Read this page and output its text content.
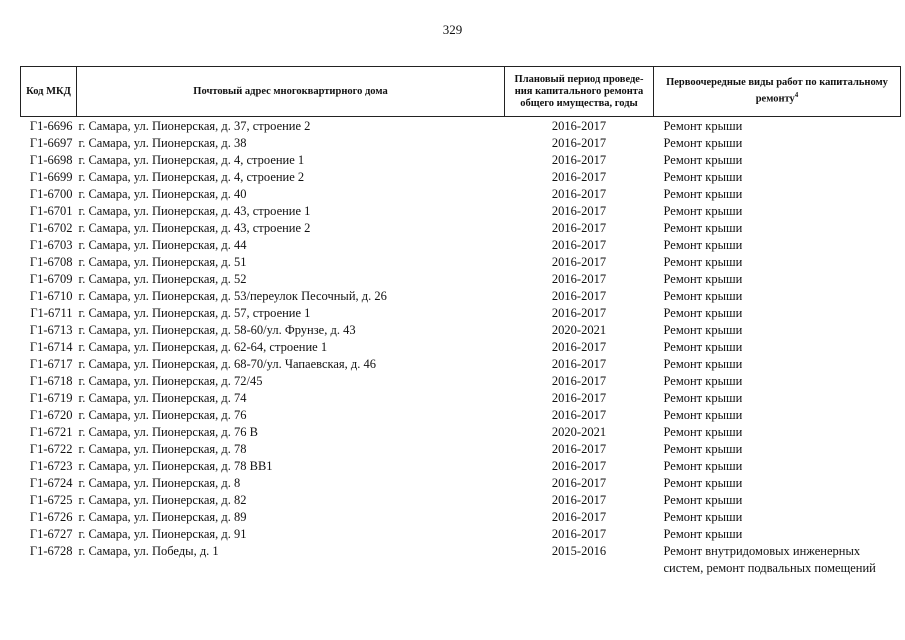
329
Код МКД	Почтовый адрес многоквартирного дома	Плановый период проведе-ния капитального ремонта общего имущества, годы	Первоочередные виды работ по капитальному ремонту$^4$
Г1-6696	г. Самара, ул. Пионерская, д. 37, строение 2	2016-2017	Ремонт крыши
Г1-6697	г. Самара, ул. Пионерская, д. 38	2016-2017	Ремонт крыши
Г1-6698	г. Самара, ул. Пионерская, д. 4, строение 1	2016-2017	Ремонт крыши
Г1-6699	г. Самара, ул. Пионерская, д. 4, строение 2	2016-2017	Ремонт крыши
Г1-6700	г. Самара, ул. Пионерская, д. 40	2016-2017	Ремонт крыши
Г1-6701	г. Самара, ул. Пионерская, д. 43, строение 1	2016-2017	Ремонт крыши
Г1-6702	г. Самара, ул. Пионерская, д. 43, строение 2	2016-2017	Ремонт крыши
Г1-6703	г. Самара, ул. Пионерская, д. 44	2016-2017	Ремонт крыши
Г1-6708	г. Самара, ул. Пионерская, д. 51	2016-2017	Ремонт крыши
Г1-6709	г. Самара, ул. Пионерская, д. 52	2016-2017	Ремонт крыши
Г1-6710	г. Самара, ул. Пионерская, д. 53/переулок Песочный, д. 26	2016-2017	Ремонт крыши
Г1-6711	г. Самара, ул. Пионерская, д. 57, строение 1	2016-2017	Ремонт крыши
Г1-6713	г. Самара, ул. Пионерская, д. 58-60/ул. Фрунзе, д. 43	2020-2021	Ремонт крыши
Г1-6714	г. Самара, ул. Пионерская, д. 62-64, строение 1	2016-2017	Ремонт крыши
Г1-6717	г. Самара, ул. Пионерская, д. 68-70/ул. Чапаевская, д. 46	2016-2017	Ремонт крыши
Г1-6718	г. Самара, ул. Пионерская, д. 72/45	2016-2017	Ремонт крыши
Г1-6719	г. Самара, ул. Пионерская, д. 74	2016-2017	Ремонт крыши
Г1-6720	г. Самара, ул. Пионерская, д. 76	2016-2017	Ремонт крыши
Г1-6721	г. Самара, ул. Пионерская, д. 76 В	2020-2021	Ремонт крыши
Г1-6722	г. Самара, ул. Пионерская, д. 78	2016-2017	Ремонт крыши
Г1-6723	г. Самара, ул. Пионерская, д. 78 ВВ1	2016-2017	Ремонт крыши
Г1-6724	г. Самара, ул. Пионерская, д. 8	2016-2017	Ремонт крыши
Г1-6725	г. Самара, ул. Пионерская, д. 82	2016-2017	Ремонт крыши
Г1-6726	г. Самара, ул. Пионерская, д. 89	2016-2017	Ремонт крыши
Г1-6727	г. Самара, ул. Пионерская, д. 91	2016-2017	Ремонт крыши
Г1-6728	г. Самара, ул. Победы, д. 1	2015-2016	Ремонт внутридомовых инженерных систем, ремонт подвальных помещений
